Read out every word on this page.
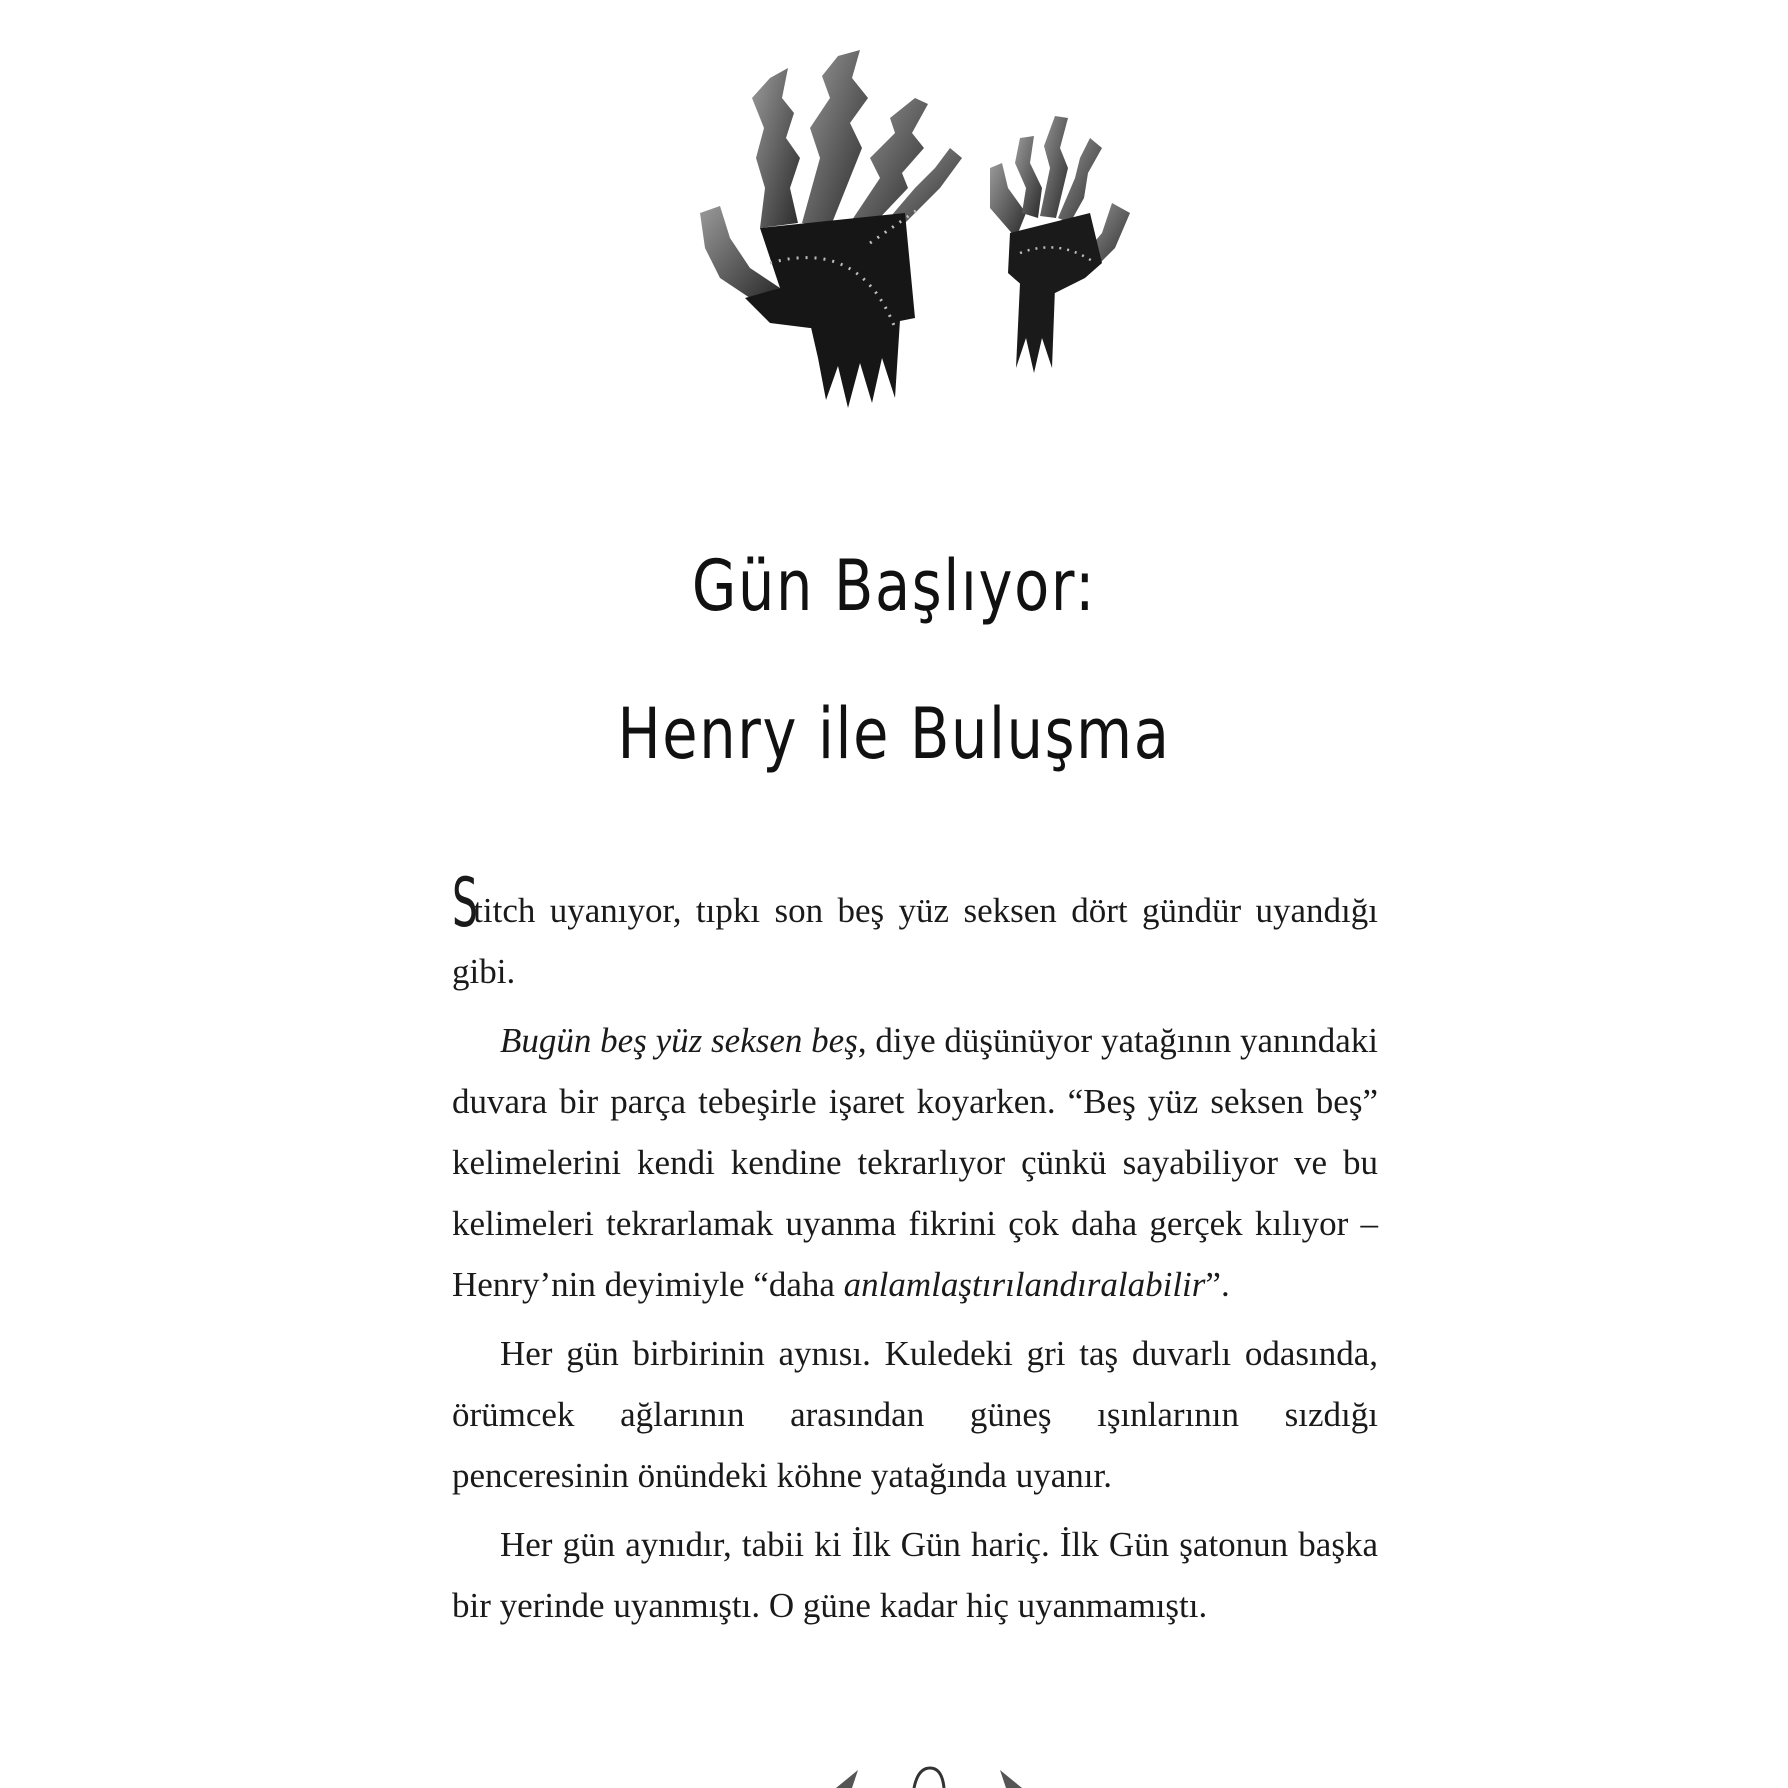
Gün Başlıyor:
Henry ile Buluşma

Stitch uyanıyor, tıpkı son beş yüz seksen dört gündür uyandığı gibi.

Bugün beş yüz seksen beş, diye düşünüyor yatağının yanındaki duvara bir parça tebeşirle işaret koyarken. “Beş yüz seksen beş” kelimelerini kendi kendine tekrarlıyor çünkü sayabiliyor ve bu kelimeleri tekrarlamak uyanma fikrini çok daha gerçek kılıyor –Henry’nin deyimiyle “daha anlamlaştırılandıralabilir”.

Her gün birbirinin aynısı. Kuledeki gri taş duvarlı odasında, örümcek ağlarının arasından güneş ışınlarının sızdığı penceresinin önündeki köhne yatağında uyanır.

Her gün aynıdır, tabii ki İlk Gün hariç. İlk Gün şatonun başka bir yerinde uyanmıştı. O güne kadar hiç uyanmamıştı.
